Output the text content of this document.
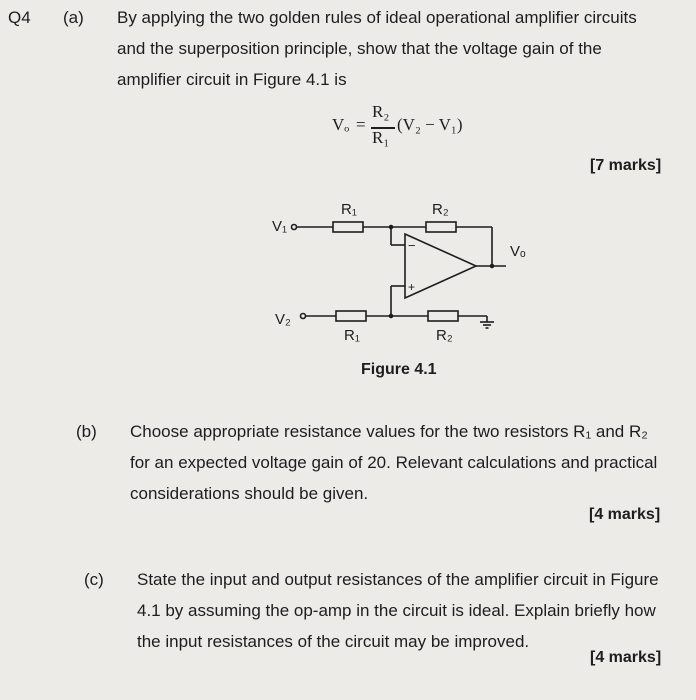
Q4 (a) By applying the two golden rules of ideal operational amplifier circuits
and the superposition principle, show that the voltage gain of the
amplifier circuit in Figure 4.1 is
Vₒ =
R₂
R₁
(V₂ − V₁)
[7 marks]
V₁
V₂
Vₒ
R₁	R₂
R₁	R₂
−
+
Figure 4.1
(b) Choose appropriate resistance values for the two resistors R₁ and R₂
for an expected voltage gain of 20. Relevant calculations and practical
considerations should be given.
[4 marks]
(c) State the input and output resistances of the amplifier circuit in Figure
4.1 by assuming the op-amp in the circuit is ideal. Explain briefly how
the input resistances of the circuit may be improved.
[4 marks]
